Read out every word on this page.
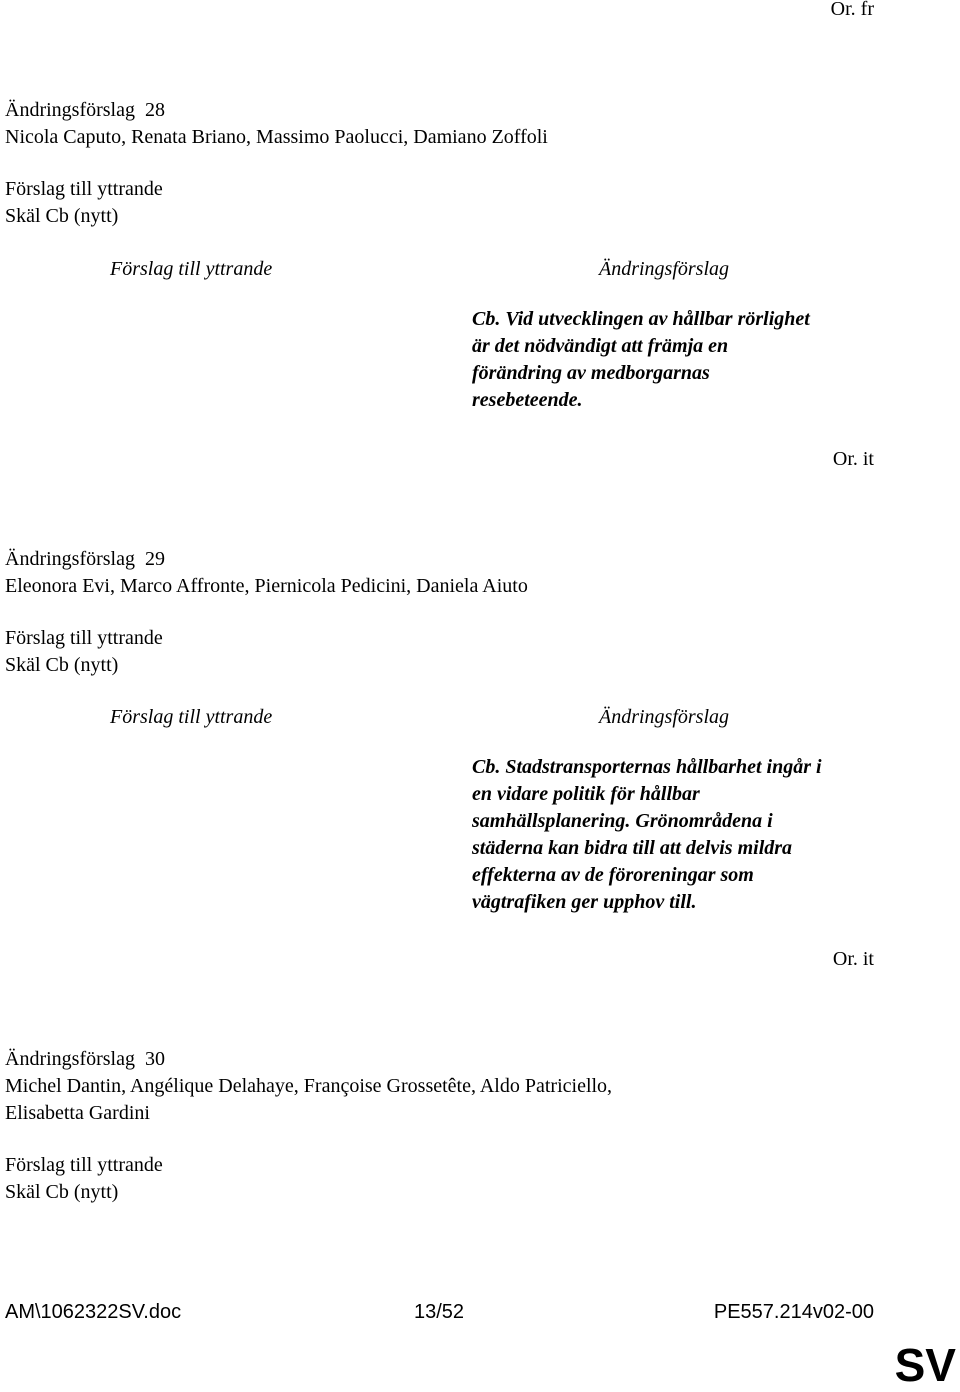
Or. fr
Ändringsförslag 28
Nicola Caputo, Renata Briano, Massimo Paolucci, Damiano Zoffoli
Förslag till yttrande
Skäl Cb (nytt)
Förslag till yttrande	Ändringsförslag
Cb. Vid utvecklingen av hållbar rörlighet
är det nödvändigt att främja en
förändring av medborgarnas
resebeteende.
Or. it
Ändringsförslag 29
Eleonora Evi, Marco Affronte, Piernicola Pedicini, Daniela Aiuto
Förslag till yttrande
Skäl Cb (nytt)
Förslag till yttrande	Ändringsförslag
Cb. Stadstransporternas hållbarhet ingår i
en vidare politik för hållbar
samhällsplanering. Grönområdena i
städerna kan bidra till att delvis mildra
effekterna av de föroreningar som
vägtrafiken ger upphov till.
Or. it
Ändringsförslag 30
Michel Dantin, Angélique Delahaye, Françoise Grossetête, Aldo Patriciello,
Elisabetta Gardini
Förslag till yttrande
Skäl Cb (nytt)
AM\1062322SV.doc	13/52	PE557.214v02-00
SV
